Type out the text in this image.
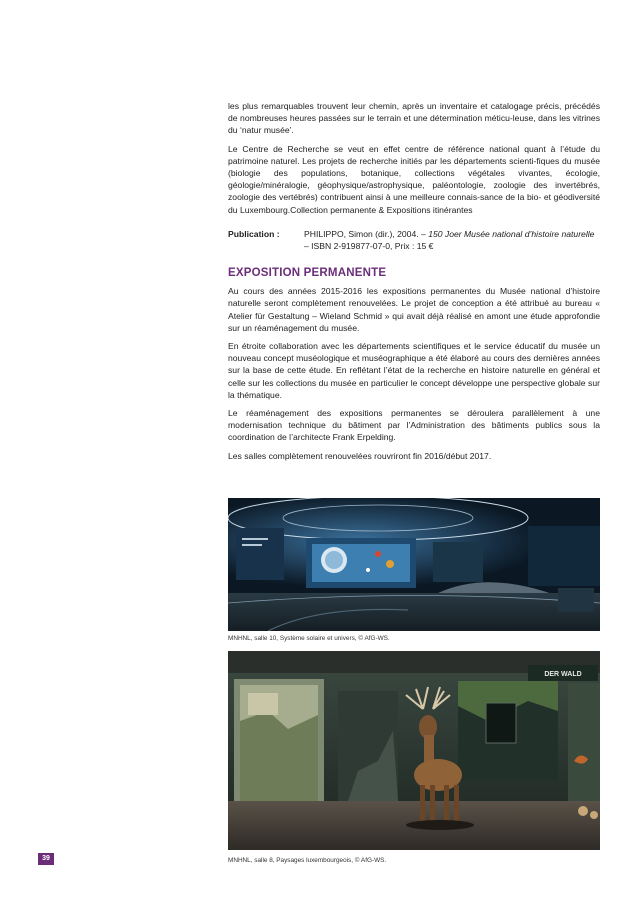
les plus remarquables trouvent leur chemin, après un inventaire et catalogage précis, précédés de nombreuses heures passées sur le terrain et une détermination méticu-leuse, dans les vitrines du ‘natur musée’.

Le Centre de Recherche se veut en effet centre de référence national quant à l’étude du patrimoine naturel. Les projets de recherche initiés par les départements scienti-fiques du musée (biologie des populations, botanique, collections végétales vivantes, écologie, géologie/minéralogie, géophysique/astrophysique, paléontologie, zoologie des invertébrés, zoologie des vertébrés) contribuent ainsi à une meilleure connais-sance de la bio- et géodiversité du Luxembourg.Collection permanente & Expositions itinérantes

Publication :	PHILIPPO, Simon (dir.), 2004. – 150 Joer Musée national d’histoire naturelle – ISBN 2-919877-07-0, Prix : 15 €
EXPOSITION PERMANENTE

Au cours des années 2015-2016 les expositions permanentes du Musée national d’histoire naturelle seront complètement renouvelées. Le projet de conception a été attribué au bureau « Atelier für Gestaltung – Wieland Schmid » qui avait déjà réalisé en amont une étude approfondie sur un réaménagement du musée.

En étroite collaboration avec les départements scientifiques et le service éducatif du musée un nouveau concept muséologique et muséographique a été élaboré au cours des dernières années sur la base de cette étude. En reflétant l’état de la recherche en histoire naturelle en général et celle sur les collections du musée en particulier le concept développe une perspective globale sur la thématique.

Le réaménagement des expositions permanentes se déroulera parallèlement à une modernisation technique du bâtiment par l’Administration des bâtiments publics sous la coordination de l’architecte Frank Erpelding.

Les salles complètement renouvelées rouvriront fin 2016/début 2017.

MNHNL, salle 10, Système solaire et univers, © AfG-WS.
DER WALD
MNHNL, salle 8, Paysages luxembourgeois, © AfG-WS.
39
